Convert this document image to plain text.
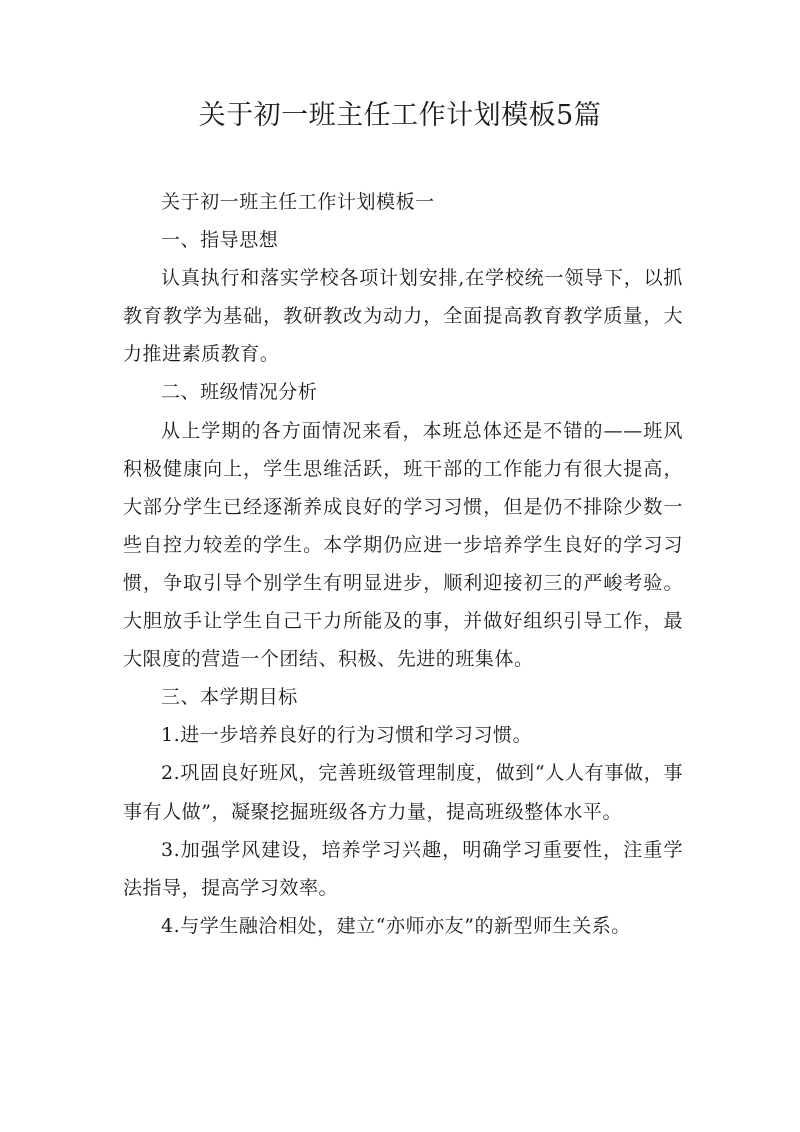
关于初一班主任工作计划模板5篇

关于初一班主任工作计划模板一

一、指导思想

认真执行和落实学校各项计划安排,在学校统一领导下，以抓教育教学为基础，教研教改为动力，全面提高教育教学质量，大力推进素质教育。

二、班级情况分析

从上学期的各方面情况来看，本班总体还是不错的——班风积极健康向上，学生思维活跃，班干部的工作能力有很大提高，大部分学生已经逐渐养成良好的学习习惯，但是仍不排除少数一些自控力较差的学生。本学期仍应进一步培养学生良好的学习习惯，争取引导个别学生有明显进步，顺利迎接初三的严峻考验。大胆放手让学生自己干力所能及的事，并做好组织引导工作，最大限度的营造一个团结、积极、先进的班集体。

三、本学期目标

1.进一步培养良好的行为习惯和学习习惯。

2.巩固良好班风，完善班级管理制度，做到“人人有事做，事事有人做”，凝聚挖掘班级各方力量，提高班级整体水平。

3.加强学风建设，培养学习兴趣，明确学习重要性，注重学法指导，提高学习效率。

4.与学生融洽相处，建立“亦师亦友”的新型师生关系。
